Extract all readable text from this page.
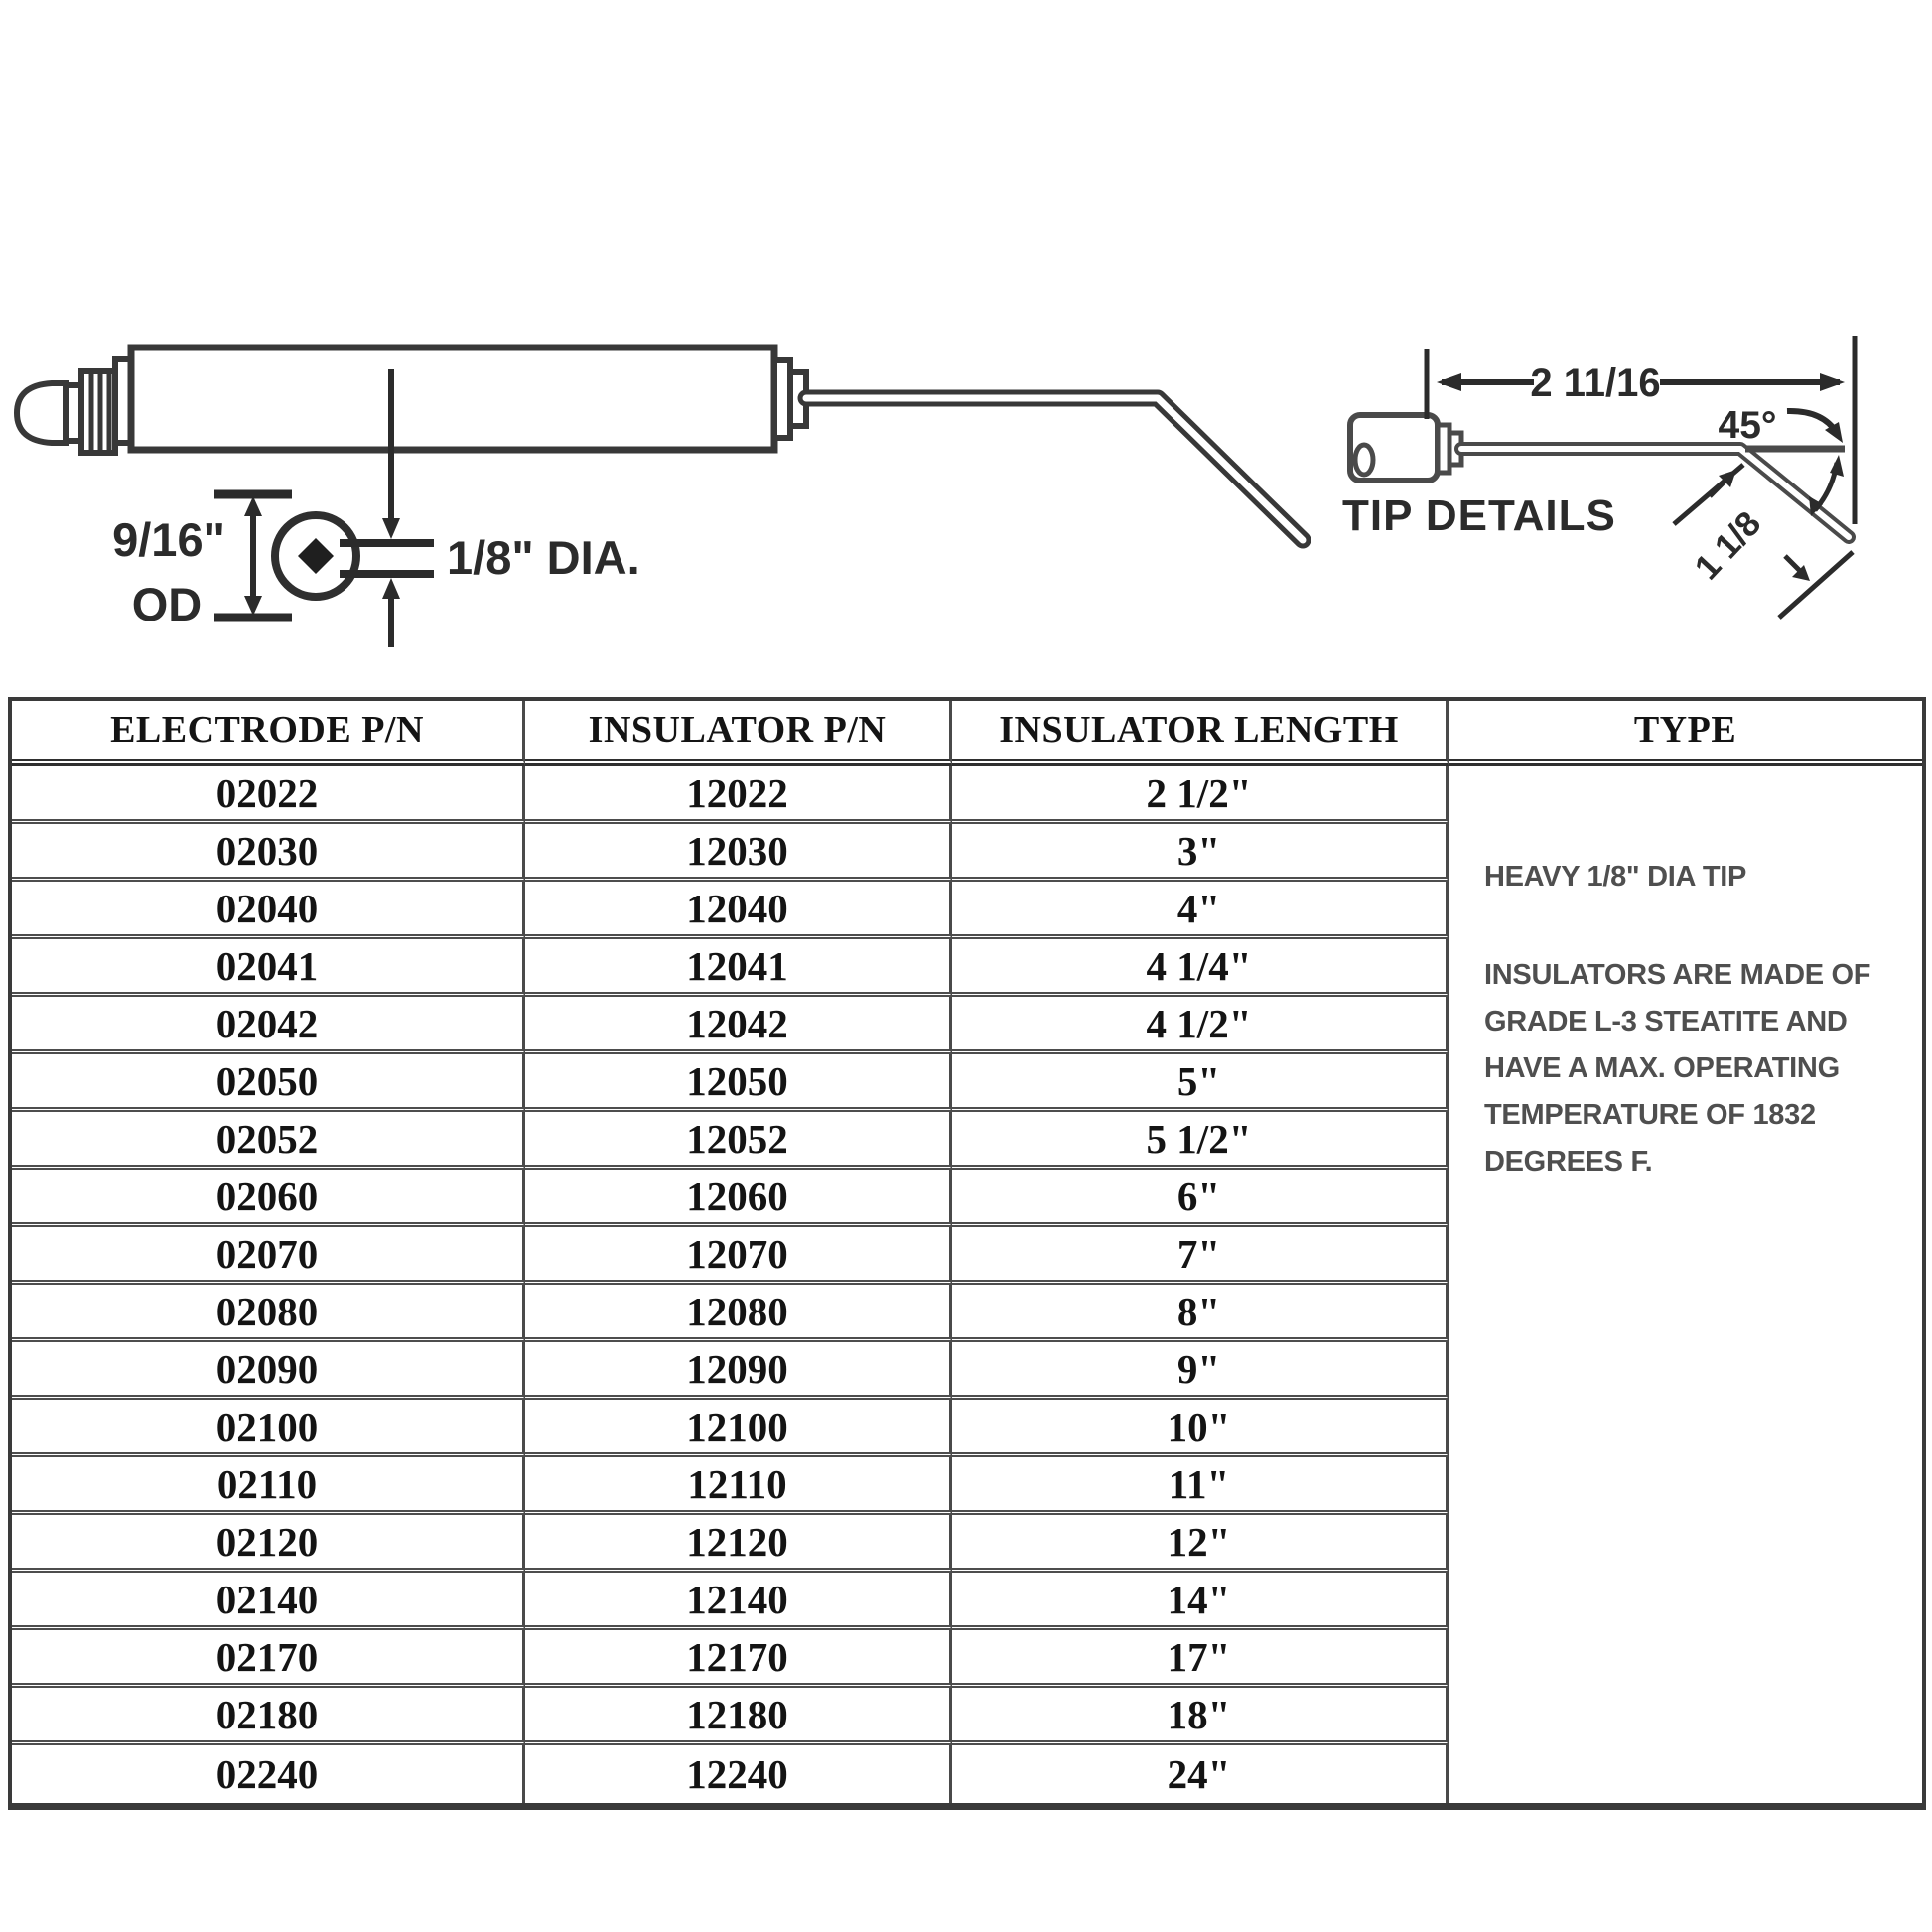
9/16"
OD
1/8" DIA.
2 11/16
45°
1 1/8
TIP DETAILS
ELECTRODE P/N	INSULATOR P/N	INSULATOR LENGTH	TYPE

HEAVY 1/8" DIA TIP

INSULATORS ARE MADE OF GRADE L-3 STEATITE AND HAVE A MAX. OPERATING TEMPERATURE OF 1832 DEGREES F.

02022	12022	2 1/2"
02030	12030	3"
02040	12040	4"
02041	12041	4 1/4"
02042	12042	4 1/2"
02050	12050	5"
02052	12052	5 1/2"
02060	12060	6"
02070	12070	7"
02080	12080	8"
02090	12090	9"
02100	12100	10"
02110	12110	11"
02120	12120	12"
02140	12140	14"
02170	12170	17"
02180	12180	18"
02240	12240	24"
